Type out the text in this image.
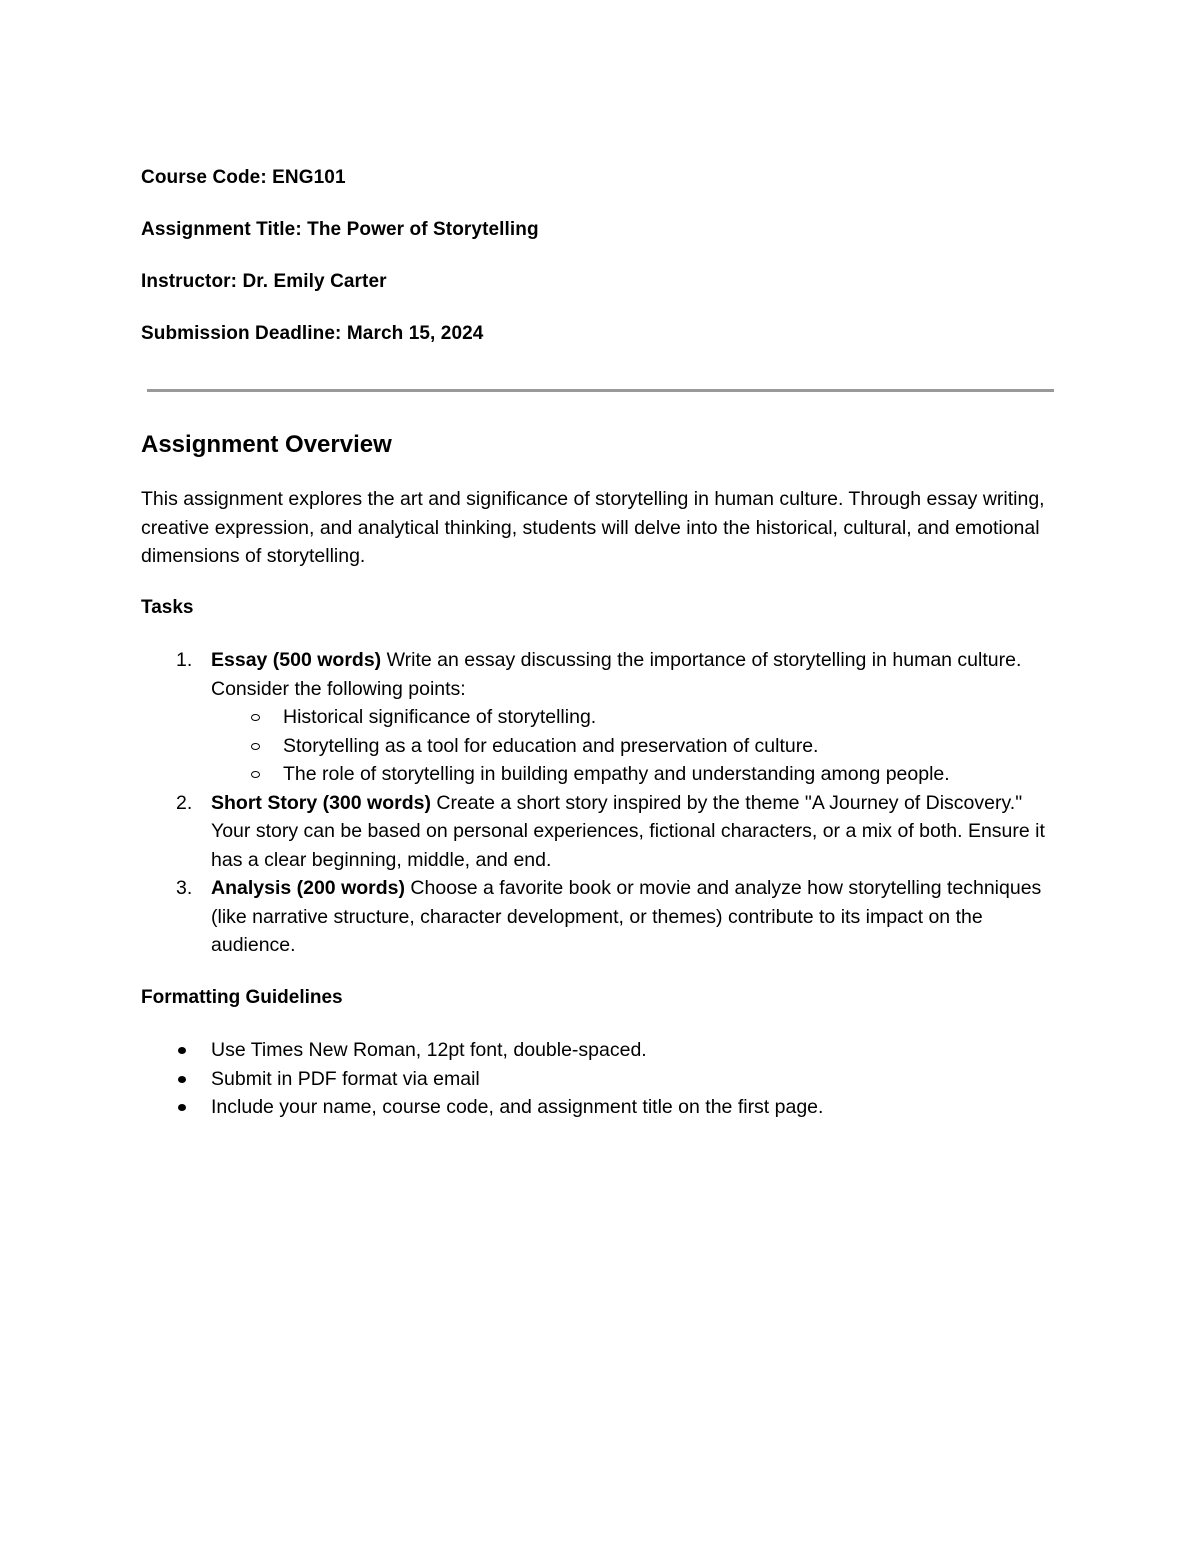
Course Code: ENG101
Assignment Title: The Power of Storytelling
Instructor: Dr. Emily Carter
Submission Deadline: March 15, 2024
Assignment Overview

This assignment explores the art and significance of storytelling in human culture. Through essay writing, creative expression, and analytical thinking, students will delve into the historical, cultural, and emotional dimensions of storytelling.

Tasks
1. Essay (500 words) Write an essay discussing the importance of storytelling in human culture. Consider the following points:
Historical significance of storytelling.
Storytelling as a tool for education and preservation of culture.
The role of storytelling in building empathy and understanding among people.
2. Short Story (300 words) Create a short story inspired by the theme "A Journey of Discovery." Your story can be based on personal experiences, fictional characters, or a mix of both. Ensure it has a clear beginning, middle, and end.
3. Analysis (200 words) Choose a favorite book or movie and analyze how storytelling techniques (like narrative structure, character development, or themes) contribute to its impact on the audience.
Formatting Guidelines
Use Times New Roman, 12pt font, double-spaced.
Submit in PDF format via email
Include your name, course code, and assignment title on the first page.
